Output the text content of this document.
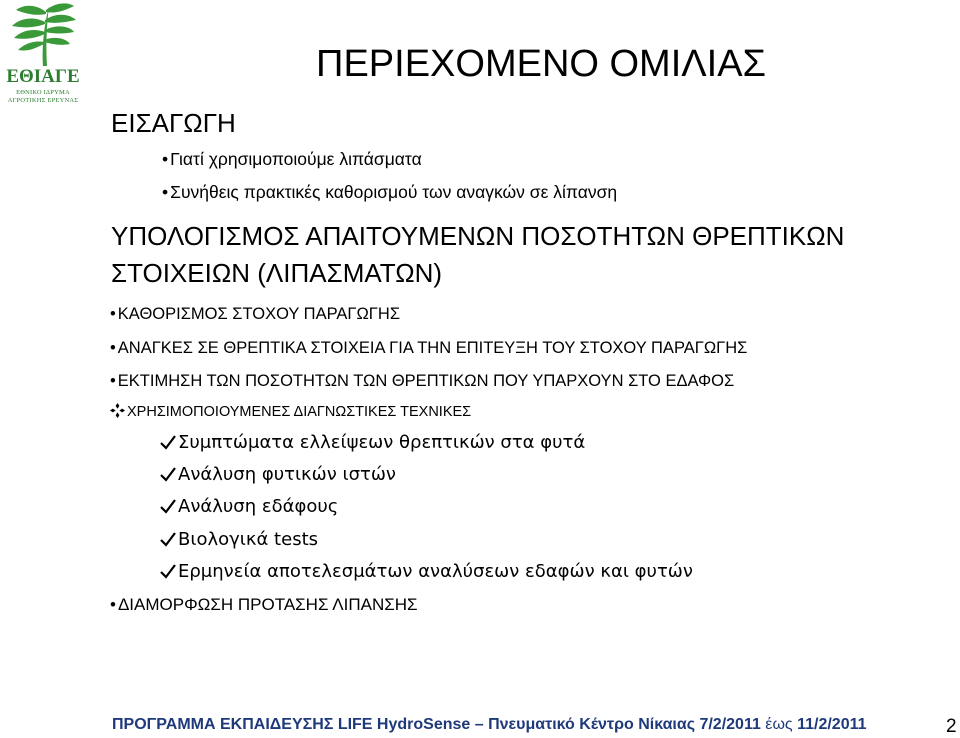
ΕΘΙΑΓΕ
ΕΘΝΙΚΟ ΙΔΡΥΜΑ
ΑΓΡΟΤΙΚΗΣ ΕΡΕΥΝΑΣ
ΠΕΡΙΕΧΟΜΕΝΟ ΟΜΙΛΙΑΣ
ΕΙΣΑΓΩΓΗ
• Γιατί χρησιμοποιούμε λιπάσματα
• Συνήθεις πρακτικές καθορισμού των αναγκών σε λίπανση
ΥΠΟΛΟΓΙΣΜΟΣ ΑΠΑΙΤΟΥΜΕΝΩΝ ΠΟΣΟΤΗΤΩΝ ΘΡΕΠΤΙΚΩΝ
ΣΤΟΙΧΕΙΩΝ (ΛΙΠΑΣΜΑΤΩΝ)
• ΚΑΘΟΡΙΣΜΟΣ ΣΤΟΧΟΥ ΠΑΡΑΓΩΓΗΣ
• ΑΝΑΓΚΕΣ ΣΕ ΘΡΕΠΤΙΚΑ ΣΤΟΙΧΕΙΑ ΓΙΑ ΤΗΝ ΕΠΙΤΕΥΞΗ ΤΟΥ ΣΤΟΧΟΥ ΠΑΡΑΓΩΓΗΣ
• ΕΚΤΙΜΗΣΗ ΤΩΝ ΠΟΣΟΤΗΤΩΝ ΤΩΝ ΘΡΕΠΤΙΚΩΝ ΠΟΥ ΥΠΑΡΧΟΥΝ ΣΤΟ ΕΔΑΦΟΣ
ΧΡΗΣΙΜΟΠΟΙΟΥΜΕΝΕΣ ΔΙΑΓΝΩΣΤΙΚΕΣ ΤΕΧΝΙΚΕΣ
Συμπτώματα ελλείψεων θρεπτικών στα φυτά
Ανάλυση φυτικών ιστών
Ανάλυση εδάφους
Βιολογικά tests
Ερμηνεία αποτελεσμάτων αναλύσεων εδαφών και φυτών
• ΔΙΑΜΟΡΦΩΣΗ ΠΡΟΤΑΣΗΣ ΛΙΠΑΝΣΗΣ
ΠΡΟΓΡΑΜΜΑ ΕΚΠΑΙΔΕΥΣΗΣ LIFE HydroSense – Πνευματικό Κέντρο Νίκαιας 7/2/2011 έως 11/2/2011	2
